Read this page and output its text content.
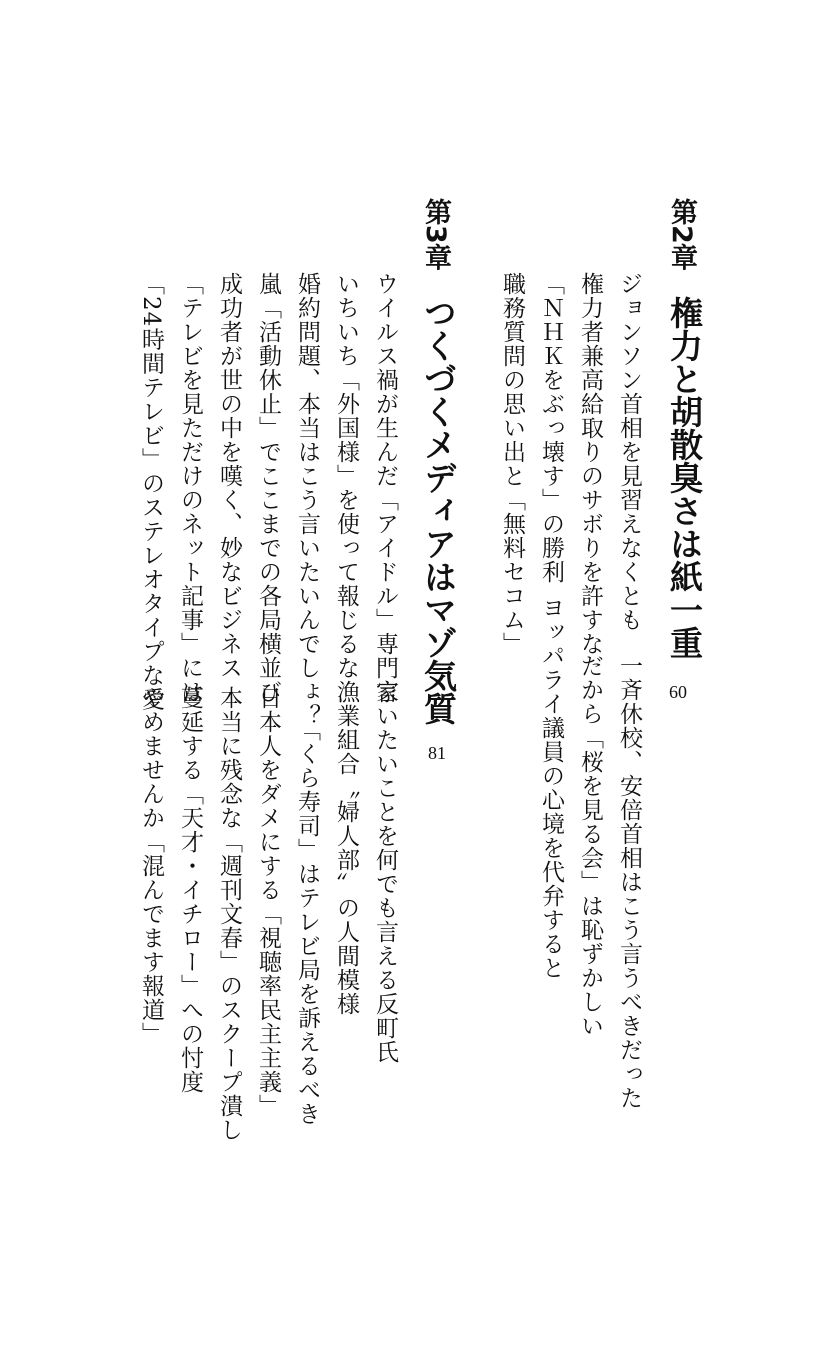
第2章
権力と胡散臭さは紙一重
60
ジョンソン首相を見習えなくとも
一斉休校、安倍首相はこう言うべきだった
権力者兼高給取りのサボりを許すな
だから「桜を見る会」は恥ずかしい
「ＮＨＫをぶっ壊す」の勝利
ヨッパライ議員の心境を代弁すると
職務質問の思い出と「無料セコム」
第3章
つくづくメディアはマゾ気質
81
ウイルス禍が生んだ「アイドル」専門家
言いたいことを何でも言える反町氏
いちいち「外国様」を使って報じるな
漁業組合〝婦人部〟の人間模様
婚約問題、本当はこう言いたいんでしょ？
「くら寿司」はテレビ局を訴えるべき
嵐「活動休止」でここまでの各局横並び
日本人をダメにする「視聴率民主主義」
成功者が世の中を嘆く、妙なビジネス
本当に残念な「週刊文春」のスクープ潰し
「テレビを見ただけのネット記事」には
蔓延する「天才・イチロー」への忖度
「24時間テレビ」のステレオタイプな愛
やめませんか「混んでます報道」
